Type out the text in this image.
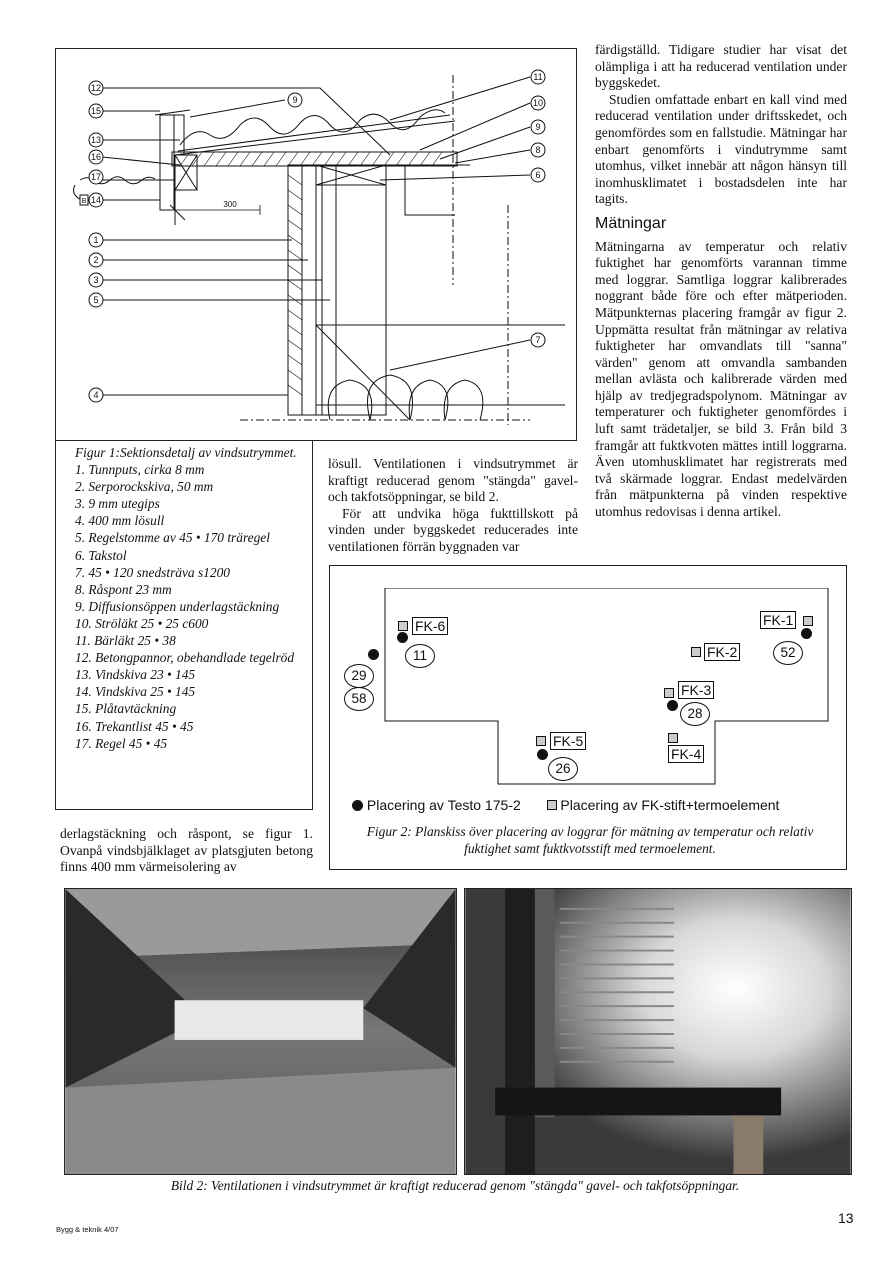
12
15
13
16
17
14
1
2
3
5
4
9
11
10
9
8
6
7
B	300
Figur 1:Sektionsdetalj av vindsutrymmet.
1. Tunnputs, cirka 8 mm
2. Serporockskiva, 50 mm
3. 9 mm utegips
4. 400 mm lösull
5. Regelstomme av 45 • 170 träregel
6. Takstol
7. 45 • 120 snedsträva s1200
8. Råspont 23 mm
9. Diffusionsöppen underlagstäckning
10. Ströläkt 25 • 25 c600
11. Bärläkt 25 • 38
12. Betongpannor, obehandlade tegelröd
13. Vindskiva 23 • 145
14. Vindskiva 25 • 145
15. Plåtavtäckning
16. Trekantlist 45 • 45
17. Regel 45 • 45

derlagstäckning och råspont, se figur 1. Ovanpå vindsbjälklaget av platsgjuten betong finns 400 mm värmeisolering av

lösull. Ventilationen i vindsutrymmet är kraftigt reducerad genom "stängda" gavel- och takfotsöppningar, se bild 2.

För att undvika höga fukttillskott på vinden under byggskedet reducerades inte ventilationen förrän byggnaden var

färdigställd. Tidigare studier har visat det olämpliga i att ha reducerad ventilation under byggskedet.

Studien omfattade enbart en kall vind med reducerad ventilation under driftsskedet, och genomfördes som en fallstudie. Mätningar har enbart genomförts i vindutrymme samt utomhus, vilket innebär att någon hänsyn till inomhusklimatet i bostadsdelen inte har tagits.

Mätningar

Mätningarna av temperatur och relativ fuktighet har genomförts varannan timme med loggrar. Samtliga loggrar kalibrerades noggrant både före och efter mätperioden. Mätpunkternas placering framgår av figur 2. Uppmätta resultat från mätningar av relativa fuktigheter har omvandlats till "sanna" värden" genom att omvandla sambanden mellan avlästa och kalibrerade värden med hjälp av tredjegradspolynom. Mätningar av temperaturer och fuktigheter genomfördes i luft samt trädetaljer, se bild 3. Från bild 3 framgår att fuktkvoten mättes intill loggrarna. Även utomhusklimatet har registrerats med två skärmade loggrar. Endast medelvärden från mätpunkterna på vinden respektive utomhus redovisas i denna artikel.

FK-6
11
29
58
FK-1
FK-2	52
FK-3
28
FK-5
26
FK-4
Placering av Testo 175-2	Placering av FK-stift+termoelement
Figur 2: Planskiss över placering av loggrar för mätning av temperatur och relativ fuktighet samt fuktkvotsstift med termoelement.
Bild 2: Ventilationen i vindsutrymmet är kraftigt reducerad genom "stängda" gavel- och takfotsöppningar.
Bygg & teknik 4/07
13
